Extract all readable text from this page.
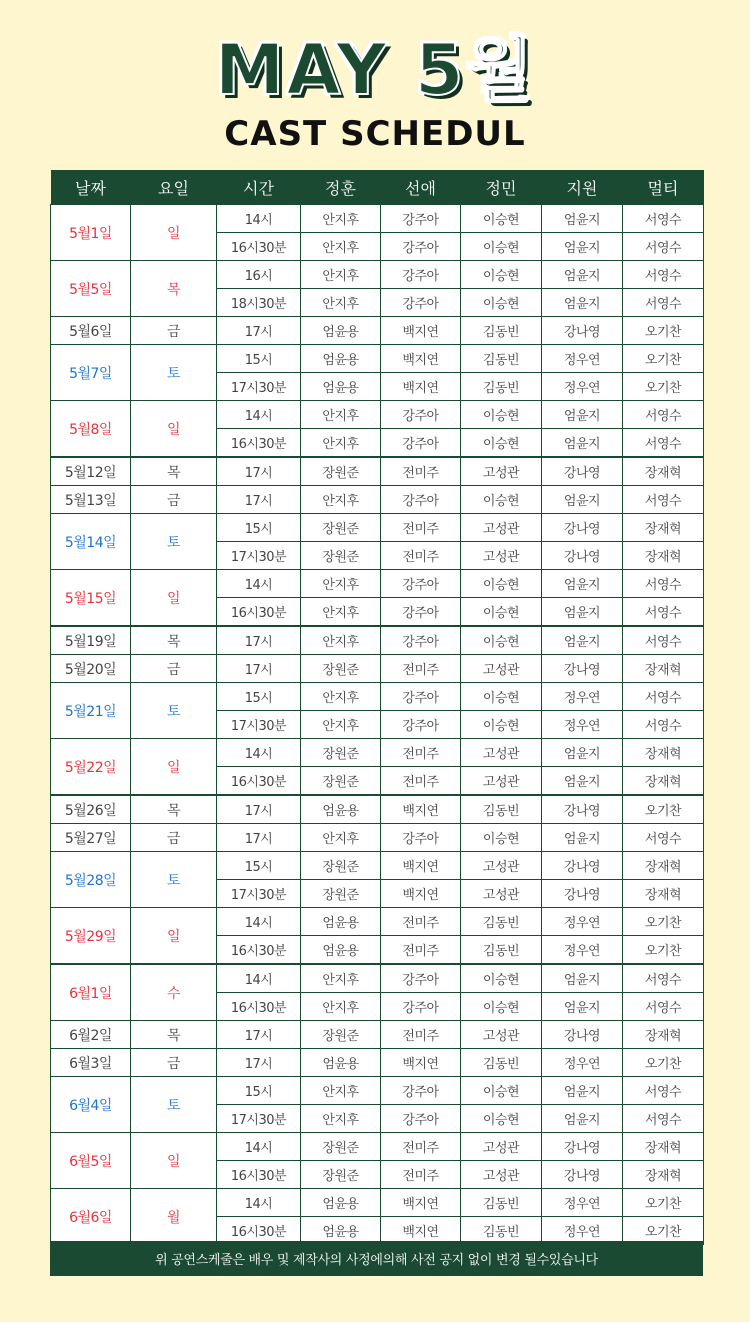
MAY 5월
CAST SCHEDUL
날짜	요일	시간	정훈	선애	정민	지원	멀티
5월1일	일	14시	안지후	강주아	이승현	엄윤지	서영수
		16시30분	안지후	강주아	이승현	엄윤지	서영수
5월5일	목	16시	안지후	강주아	이승현	엄윤지	서영수
		18시30분	안지후	강주아	이승현	엄윤지	서영수
5월6일	금	17시	엄윤용	백지연	김동빈	강나영	오기찬
5월7일	토	15시	엄윤용	백지연	김동빈	정우연	오기찬
		17시30분	엄윤용	백지연	김동빈	정우연	오기찬
5월8일	일	14시	안지후	강주아	이승현	엄윤지	서영수
		16시30분	안지후	강주아	이승현	엄윤지	서영수
5월12일	목	17시	장원준	전미주	고성관	강나영	장재혁
5월13일	금	17시	안지후	강주아	이승현	엄윤지	서영수
5월14일	토	15시	장원준	전미주	고성관	강나영	장재혁
		17시30분	장원준	전미주	고성관	강나영	장재혁
5월15일	일	14시	안지후	강주아	이승현	엄윤지	서영수
		16시30분	안지후	강주아	이승현	엄윤지	서영수
5월19일	목	17시	안지후	강주아	이승현	엄윤지	서영수
5월20일	금	17시	장원준	전미주	고성관	강나영	장재혁
5월21일	토	15시	안지후	강주아	이승현	정우연	서영수
		17시30분	안지후	강주아	이승현	정우연	서영수
5월22일	일	14시	장원준	전미주	고성관	엄윤지	장재혁
		16시30분	장원준	전미주	고성관	엄윤지	장재혁
5월26일	목	17시	엄윤용	백지연	김동빈	강나영	오기찬
5월27일	금	17시	안지후	강주아	이승현	엄윤지	서영수
5월28일	토	15시	장원준	백지연	고성관	강나영	장재혁
		17시30분	장원준	백지연	고성관	강나영	장재혁
5월29일	일	14시	엄윤용	전미주	김동빈	정우연	오기찬
		16시30분	엄윤용	전미주	김동빈	정우연	오기찬
6월1일	수	14시	안지후	강주아	이승현	엄윤지	서영수
		16시30분	안지후	강주아	이승현	엄윤지	서영수
6월2일	목	17시	장원준	전미주	고성관	강나영	장재혁
6월3일	금	17시	엄윤용	백지연	김동빈	정우연	오기찬
6월4일	토	15시	안지후	강주아	이승현	엄윤지	서영수
		17시30분	안지후	강주아	이승현	엄윤지	서영수
6월5일	일	14시	장원준	전미주	고성관	강나영	장재혁
		16시30분	장원준	전미주	고성관	강나영	장재혁
6월6일	월	14시	엄윤용	백지연	김동빈	정우연	오기찬
		16시30분	엄윤용	백지연	김동빈	정우연	오기찬
위 공연스케줄은 배우 및 제작사의 사정에의해 사전 공지 없이 변경 될수있습니다
